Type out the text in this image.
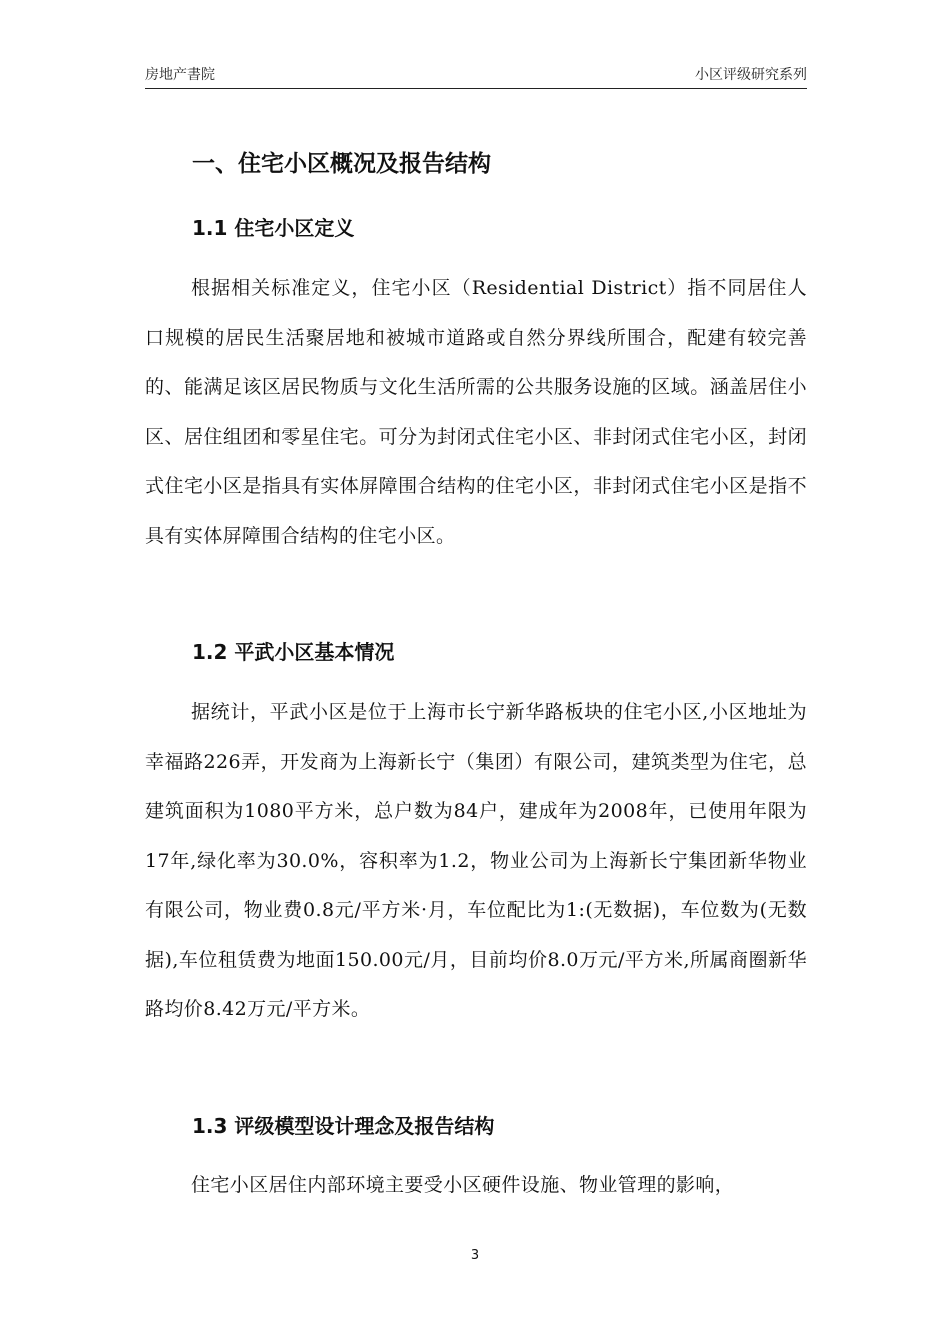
房地产書院	小区评级研究系列
一、住宅小区概况及报告结构
1.1 住宅小区定义

根据相关标准定义，住宅小区（Residential District）指不同居住人口规模的居民生活聚居地和被城市道路或自然分界线所围合，配建有较完善的、能满足该区居民物质与文化生活所需的公共服务设施的区域。涵盖居住小区、居住组团和零星住宅。可分为封闭式住宅小区、非封闭式住宅小区，封闭式住宅小区是指具有实体屏障围合结构的住宅小区，非封闭式住宅小区是指不具有实体屏障围合结构的住宅小区。

1.2 平武小区基本情况

据统计，平武小区是位于上海市长宁新华路板块的住宅小区,小区地址为幸福路226弄，开发商为上海新长宁（集团）有限公司，建筑类型为住宅，总建筑面积为1080平方米，总户数为84户，建成年为2008年，已使用年限为17年,绿化率为30.0%，容积率为1.2，物业公司为上海新长宁集团新华物业有限公司，物业费0.8元/平方米·月，车位配比为1:(无数据)，车位数为(无数据),车位租赁费为地面150.00元/月，目前均价8.0万元/平方米,所属商圈新华路均价8.42万元/平方米。

1.3 评级模型设计理念及报告结构

住宅小区居住内部环境主要受小区硬件设施、物业管理的影响，

3
